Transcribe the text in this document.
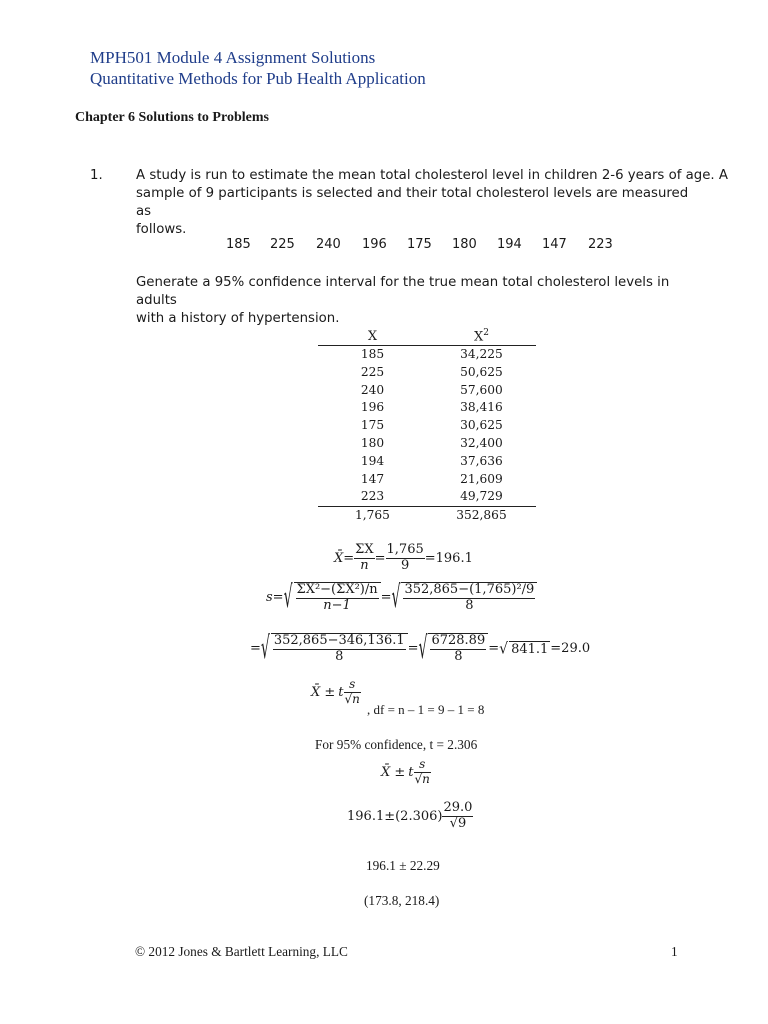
MPH501 Module 4 Assignment Solutions
Quantitative Methods for Pub Health Application
Chapter 6 Solutions to Problems
1.	A study is run to estimate the mean total cholesterol level in children 2-6 years of age. A
sample of 9 participants is selected and their total cholesterol levels are measured as
follows.
185 225 240 196 175 180 194 147 223
Generate a 95% confidence interval for the true mean total cholesterol levels in adults
with a history of hypertension.
X	$X^2$
185	34,225
225	50,625
240	57,600
196	38,416
175	30,625
180	32,400
194	37,636
147	21,609
223	49,729
1,765	352,865
X̄ = $\frac{\Sigma X}{n} = \frac{1,765}{9} =196.1$
s= √ $\frac{\text{ΣX²−(ΣX²)/n}}{n-1}$ = √ $\frac{\text{352,865−(1,765)²/9}}{8}$
= √ $\frac{352,865-346,136.1}{8}$ = √ $\frac{6728.89}{8}$ = √ 841.1 =29.0
X̄ ± t $\frac{s}{√n}$
, df = n – 1 = 9 – 1 = 8
For 95% confidence, t = 2.306
X̄ ± t $\frac{s}{√n}$
$196.1\pm(2.306) \frac{29.0}{√9}$
196.1 ± 22.29
(173.8, 218.4)
© 2012 Jones & Bartlett Learning, LLC	1
